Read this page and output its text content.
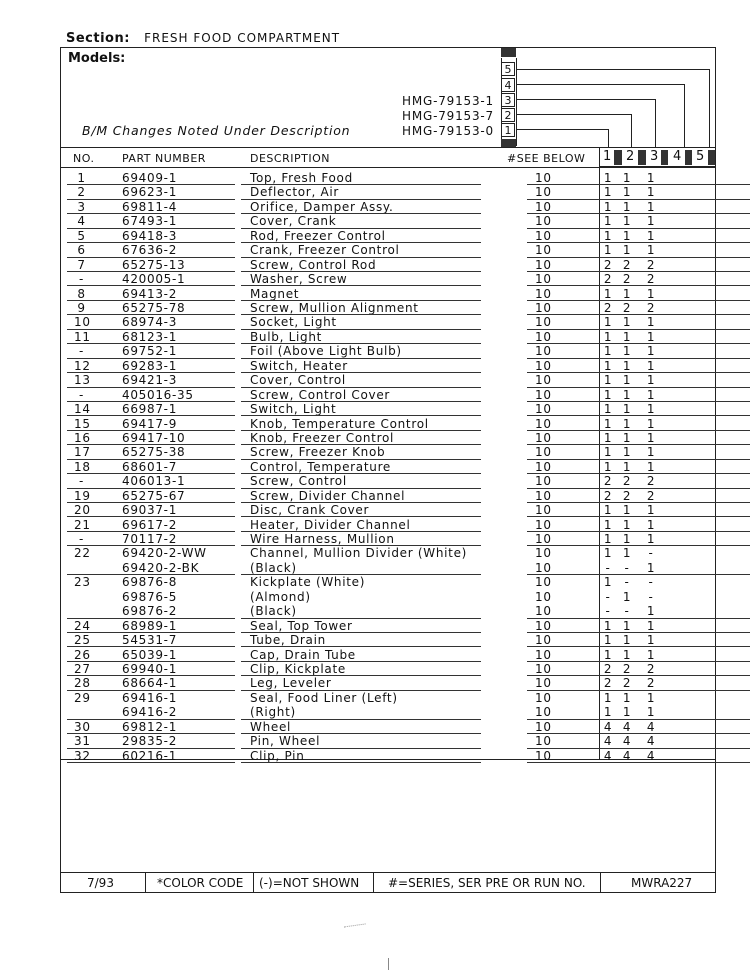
Section: FRESH FOOD COMPARTMENT
Models:
B/M Changes Noted Under Description
HMG-79153-1
HMG-79153-7
HMG-79153-0
5
4
3
2
1
NO.	PART NUMBER	DESCRIPTION	#SEE BELOW 1 2 3 4 5
1	69409-1	Top, Fresh Food	10	1 1 1
2	69623-1	Deflector, Air	10	1 1 1
3	69811-4	Orifice, Damper Assy.	10	1 1 1
4	67493-1	Cover, Crank	10	1 1 1
5	69418-3	Rod, Freezer Control	10	1 1 1
6	67636-2	Crank, Freezer Control	10	1 1 1
7	65275-13	Screw, Control Rod	10	2 2 2
-	420005-1	Washer, Screw	10	2 2 2
8	69413-2	Magnet	10	1 1 1
9	65275-78	Screw, Mullion Alignment	10	2 2 2
10	68974-3	Socket, Light	10	1 1 1
11	68123-1	Bulb, Light	10	1 1 1
-	69752-1	Foil (Above Light Bulb)	10	1 1 1
12	69283-1	Switch, Heater	10	1 1 1
13	69421-3	Cover, Control	10	1 1 1
-	405016-35	Screw, Control Cover	10	1 1 1
14	66987-1	Switch, Light	10	1 1 1
15	69417-9	Knob, Temperature Control	10	1 1 1
16	69417-10	Knob, Freezer Control	10	1 1 1
17	65275-38	Screw, Freezer Knob	10	1 1 1
18	68601-7	Control, Temperature	10	1 1 1
-	406013-1	Screw, Control	10	2 2 2
19	65275-67	Screw, Divider Channel	10	2 2 2
20	69037-1	Disc, Crank Cover	10	1 1 1
21	69617-2	Heater, Divider Channel	10	1 1 1
-	70117-2	Wire Harness, Mullion	10	1 1 1
22	69420-2-WW	Channel, Mullion Divider (White)	10	1 1 -
69420-2-BK	(Black)	10	- - 1
23	69876-8	Kickplate (White)	10	1 - -
69876-5	(Almond)	10	- 1 -
69876-2	(Black)	10	- - 1
24	68989-1	Seal, Top Tower	10	1 1 1
25	54531-7	Tube, Drain	10	1 1 1
26	65039-1	Cap, Drain Tube	10	1 1 1
27	69940-1	Clip, Kickplate	10	2 2 2
28	68664-1	Leg, Leveler	10	2 2 2
29	69416-1	Seal, Food Liner (Left)	10	1 1 1
69416-2	(Right)	10	1 1 1
30	69812-1	Wheel	10	4 4 4
31	29835-2	Pin, Wheel	10	4 4 4
32	60216-1	Clip, Pin	10	4 4 4
7/93	*COLOR CODE (-)=NOT SHOWN #=SERIES, SER PRE OR RUN NO.	MWRA227
